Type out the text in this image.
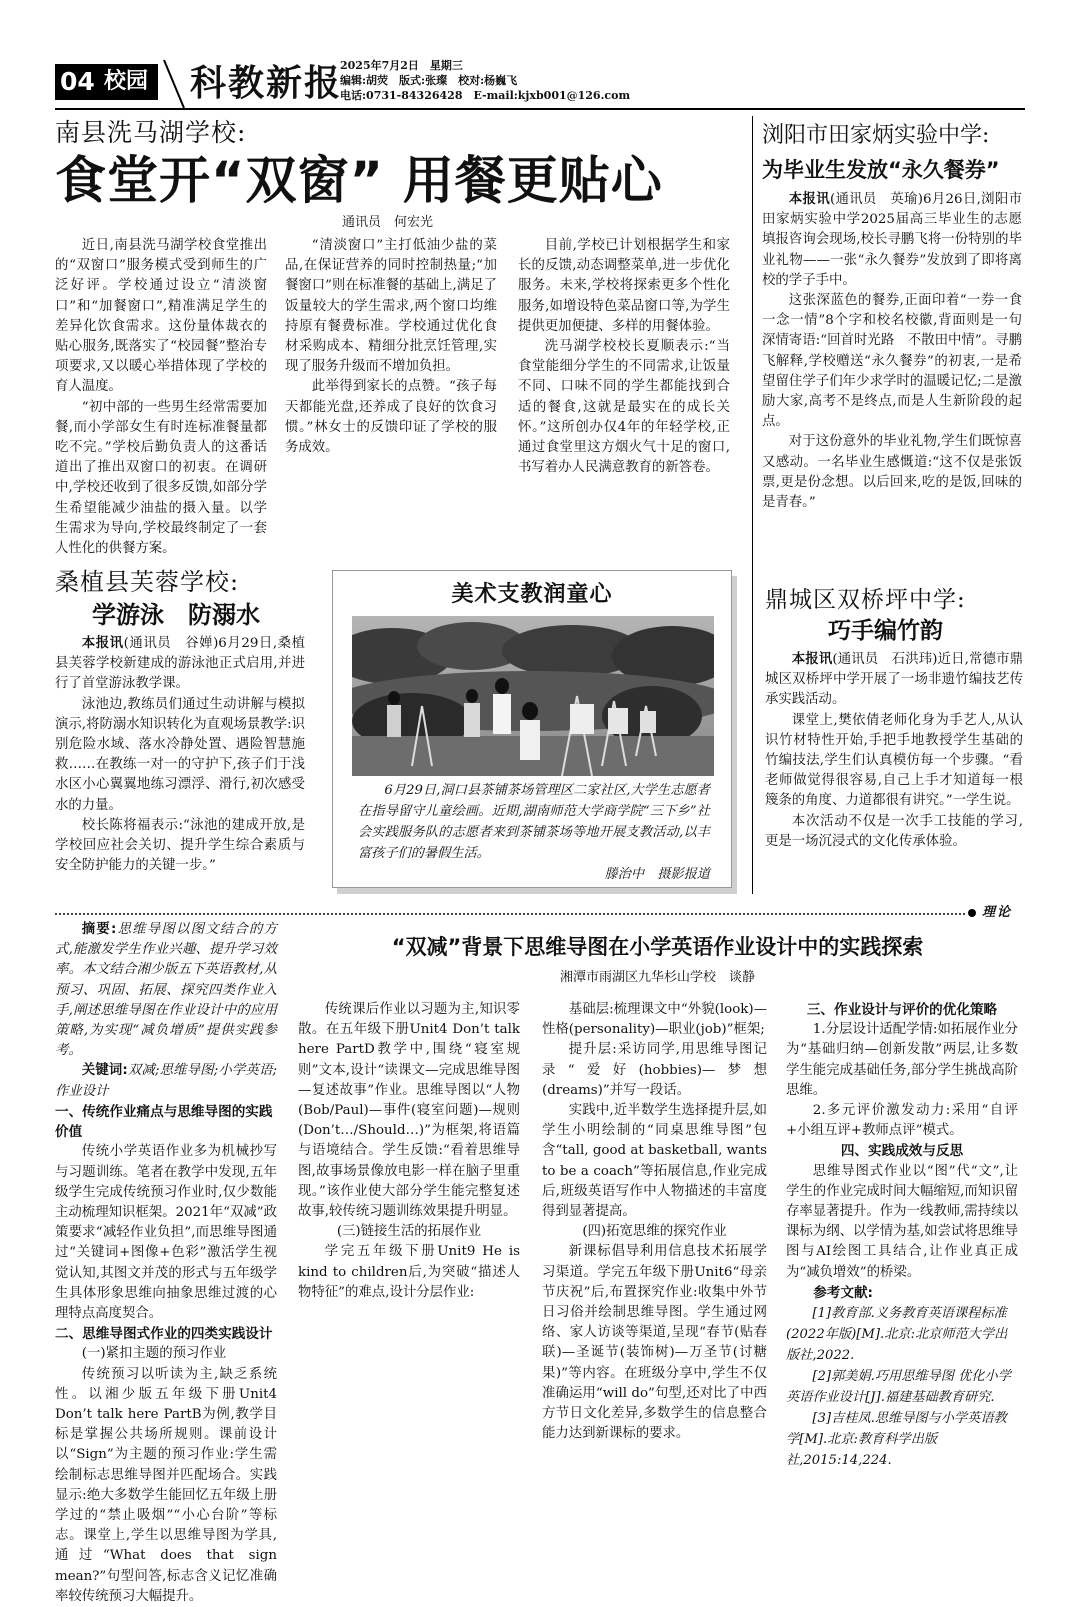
04 校园 科教新报
2025年7月2日　星期三
编辑:胡荧　版式:张璨　校对:杨巍飞
电话:0731-84326428　E-mail:kjxb001@126.com
南县洗马湖学校:
食堂开“双窗” 用餐更贴心
通讯员　何宏光

近日,南县洗马湖学校食堂推出的“双窗口”服务模式受到师生的广泛好评。学校通过设立“清淡窗口”和“加餐窗口”,精准满足学生的差异化饮食需求。这份量体裁衣的贴心服务,既落实了“校园餐”整治专项要求,又以暖心举措体现了学校的育人温度。

“初中部的一些男生经常需要加餐,而小学部女生有时连标准餐量都吃不完。”学校后勤负责人的这番话道出了推出双窗口的初衷。在调研中,学校还收到了很多反馈,如部分学生希望能减少油盐的摄入量。以学生需求为导向,学校最终制定了一套人性化的供餐方案。

“清淡窗口”主打低油少盐的菜品,在保证营养的同时控制热量;“加餐窗口”则在标准餐的基础上,满足了饭量较大的学生需求,两个窗口均维持原有餐费标准。学校通过优化食材采购成本、精细分批烹饪管理,实现了服务升级而不增加负担。

此举得到家长的点赞。“孩子每天都能光盘,还养成了良好的饮食习惯。”林女士的反馈印证了学校的服务成效。

目前,学校已计划根据学生和家长的反馈,动态调整菜单,进一步优化服务。未来,学校将探索更多个性化服务,如增设特色菜品窗口等,为学生提供更加便捷、多样的用餐体验。

洗马湖学校校长夏顺表示:“当食堂能细分学生的不同需求,让饭量不同、口味不同的学生都能找到合适的餐食,这就是最实在的成长关怀。”这所创办仅4年的年轻学校,正通过食堂里这方烟火气十足的窗口,书写着办人民满意教育的新答卷。

浏阳市田家炳实验中学:
为毕业生发放“永久餐券”

本报讯(通讯员　英瑜)6月26日,浏阳市田家炳实验中学2025届高三毕业生的志愿填报咨询会现场,校长寻鹏飞将一份特别的毕业礼物——一张“永久餐券”发放到了即将离校的学子手中。

这张深蓝色的餐券,正面印着“一券一食　一念一情”8个字和校名校徽,背面则是一句深情寄语:“回首时光路　不散田中情”。寻鹏飞解释,学校赠送“永久餐券”的初衷,一是希望留住学子们年少求学时的温暖记忆;二是激励大家,高考不是终点,而是人生新阶段的起点。

对于这份意外的毕业礼物,学生们既惊喜又感动。一名毕业生感慨道:“这不仅是张饭票,更是份念想。以后回来,吃的是饭,回味的是青春。”

桑植县芙蓉学校:
学游泳　防溺水

本报讯(通讯员　谷婵)6月29日,桑植县芙蓉学校新建成的游泳池正式启用,并进行了首堂游泳教学课。

泳池边,教练员们通过生动讲解与模拟演示,将防溺水知识转化为直观场景教学:识别危险水域、落水冷静处置、遇险智慧施救……在教练一对一的守护下,孩子们于浅水区小心翼翼地练习漂浮、滑行,初次感受水的力量。

校长陈将福表示:“泳池的建成开放,是学校回应社会关切、提升学生综合素质与安全防护能力的关键一步。”

美术支教润童心

6月29日,洞口县茶铺茶场管理区二家社区,大学生志愿者在指导留守儿童绘画。近期,湖南师范大学商学院“三下乡”社会实践服务队的志愿者来到茶铺茶场等地开展支教活动,以丰富孩子们的暑假生活。

滕治中　摄影报道

鼎城区双桥坪中学:
巧手编竹韵

本报讯(通讯员　石洪玮)近日,常德市鼎城区双桥坪中学开展了一场非遗竹编技艺传承实践活动。

课堂上,樊依倩老师化身为手艺人,从认识竹材特性开始,手把手地教授学生基础的竹编技法,学生们认真模仿每一个步骤。“看老师做觉得很容易,自己上手才知道每一根篾条的角度、力道都很有讲究。”一学生说。

本次活动不仅是一次手工技能的学习,更是一场沉浸式的文化传承体验。

理论

摘要:思维导图以图文结合的方式,能激发学生作业兴趣、提升学习效率。本文结合湘少版五下英语教材,从预习、巩固、拓展、探究四类作业入手,阐述思维导图在作业设计中的应用策略,为实现“减负增质”提供实践参考。

关键词:双减;思维导图;小学英语;作业设计

“双减”背景下思维导图在小学英语作业设计中的实践探索
湘潭市雨湖区九华杉山学校　谈静

一、传统作业痛点与思维导图的实践价值

传统小学英语作业多为机械抄写与习题训练。笔者在教学中发现,五年级学生完成传统预习作业时,仅少数能主动梳理知识框架。2021年“双减”政策要求“减轻作业负担”,而思维导图通过“关键词+图像+色彩”激活学生视觉认知,其图文并茂的形式与五年级学生具体形象思维向抽象思维过渡的心理特点高度契合。

二、思维导图式作业的四类实践设计

(一)紧扣主题的预习作业

传统预习以听读为主,缺乏系统性。以湘少版五年级下册Unit4 Don’t talk here PartB为例,教学目标是掌握公共场所规则。课前设计以“Sign”为主题的预习作业:学生需绘制标志思维导图并匹配场合。实践显示:绝大多数学生能回忆五年级上册学过的“禁止吸烟”“小心台阶”等标志。课堂上,学生以思维导图为学具,通过“What does that sign mean?”句型问答,标志含义记忆准确率较传统预习大幅提升。

传统课后作业以习题为主,知识零散。在五年级下册Unit4 Don’t talk here PartD教学中,围绕“寝室规则”文本,设计“读课文—完成思维导图—复述故事”作业。思维导图以“人物(Bob/Paul)—事件(寝室问题)—规则(Don’t…/Should…)”为框架,将语篇与语境结合。学生反馈:“看着思维导图,故事场景像放电影一样在脑子里重现。”该作业使大部分学生能完整复述故事,较传统习题训练效果提升明显。

(三)链接生活的拓展作业

学完五年级下册Unit9 He is kind to children后,为突破“描述人物特征”的难点,设计分层作业:

基础层:梳理课文中“外貌(look)—性格(personality)—职业(job)”框架;

提升层:采访同学,用思维导图记录“爱好(hobbies)—梦想(dreams)”并写一段话。

实践中,近半数学生选择提升层,如学生小明绘制的“同桌思维导图”包含“tall, good at basketball, wants to be a coach”等拓展信息,作业完成后,班级英语写作中人物描述的丰富度得到显著提高。

(四)拓宽思维的探究作业

新课标倡导利用信息技术拓展学习渠道。学完五年级下册Unit6“母亲节庆祝”后,布置探究作业:收集中外节日习俗并绘制思维导图。学生通过网络、家人访谈等渠道,呈现“春节(贴春联)—圣诞节(装饰树)—万圣节(讨糖果)”等内容。在班级分享中,学生不仅准确运用“will do”句型,还对比了中西方节日文化差异,多数学生的信息整合能力达到新课标的要求。

三、作业设计与评价的优化策略

1.分层设计适配学情:如拓展作业分为“基础归纳—创新发散”两层,让多数学生能完成基础任务,部分学生挑战高阶思维。

2.多元评价激发动力:采用“自评+小组互评+教师点评”模式。

四、实践成效与反思

思维导图式作业以“图”代“文”,让学生的作业完成时间大幅缩短,而知识留存率显著提升。作为一线教师,需持续以课标为纲、以学情为基,如尝试将思维导图与AI绘图工具结合,让作业真正成为“减负增效”的桥梁。

参考文献:

[1]教育部.义务教育英语课程标准(2022年版)[M].北京:北京师范大学出版社,2022.

[2]郭美娟.巧用思维导图 优化小学英语作业设计[J].福建基础教育研究.

[3]吉桂凤.思维导图与小学英语教学[M].北京:教育科学出版社,2015:14,224.
